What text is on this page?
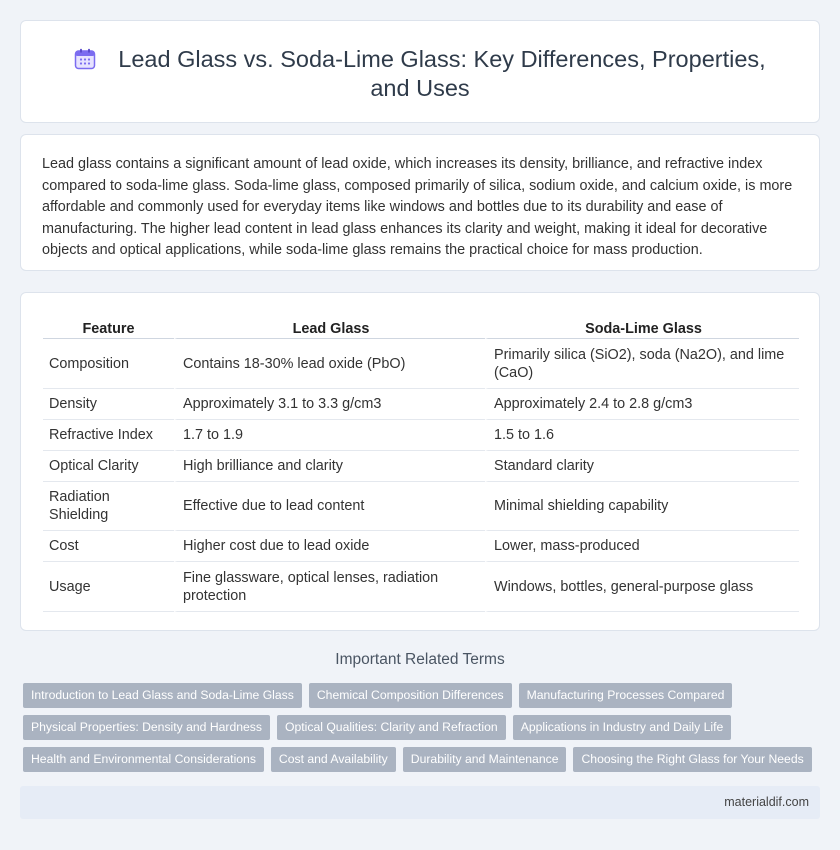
Lead Glass vs. Soda-Lime Glass: Key Differences, Properties, and Uses

Lead glass contains a significant amount of lead oxide, which increases its density, brilliance, and refractive index compared to soda-lime glass. Soda-lime glass, composed primarily of silica, sodium oxide, and calcium oxide, is more affordable and commonly used for everyday items like windows and bottles due to its durability and ease of manufacturing. The higher lead content in lead glass enhances its clarity and weight, making it ideal for decorative objects and optical applications, while soda-lime glass remains the practical choice for mass production.

Feature	Lead Glass	Soda-Lime Glass
Composition	Contains 18-30% lead oxide (PbO)	Primarily silica (SiO2), soda (Na2O), and lime (CaO)
Density	Approximately 3.1 to 3.3 g/cm3	Approximately 2.4 to 2.8 g/cm3
Refractive Index	1.7 to 1.9	1.5 to 1.6
Optical Clarity	High brilliance and clarity	Standard clarity
Radiation Shielding	Effective due to lead content	Minimal shielding capability
Cost	Higher cost due to lead oxide	Lower, mass-produced
Usage	Fine glassware, optical lenses, radiation protection	Windows, bottles, general-purpose glass
Important Related Terms
Introduction to Lead Glass and Soda-Lime Glass	Chemical Composition Differences	Manufacturing Processes Compared
Physical Properties: Density and Hardness	Optical Qualities: Clarity and Refraction	Applications in Industry and Daily Life
Health and Environmental Considerations	Cost and Availability	Durability and Maintenance	Choosing the Right Glass for Your Needs
materialdif.com
